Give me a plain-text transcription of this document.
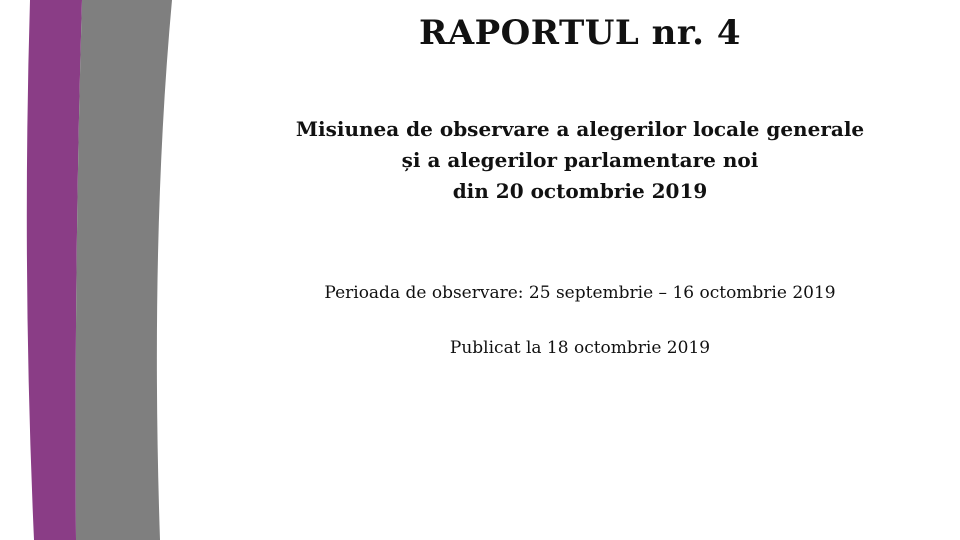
RAPORTUL nr. 4
Misiunea de observare a alegerilor locale generale
și a alegerilor parlamentare noi
din 20 octombrie 2019

Perioada de observare: 25 septembrie – 16 octombrie 2019

Publicat la 18 octombrie 2019
